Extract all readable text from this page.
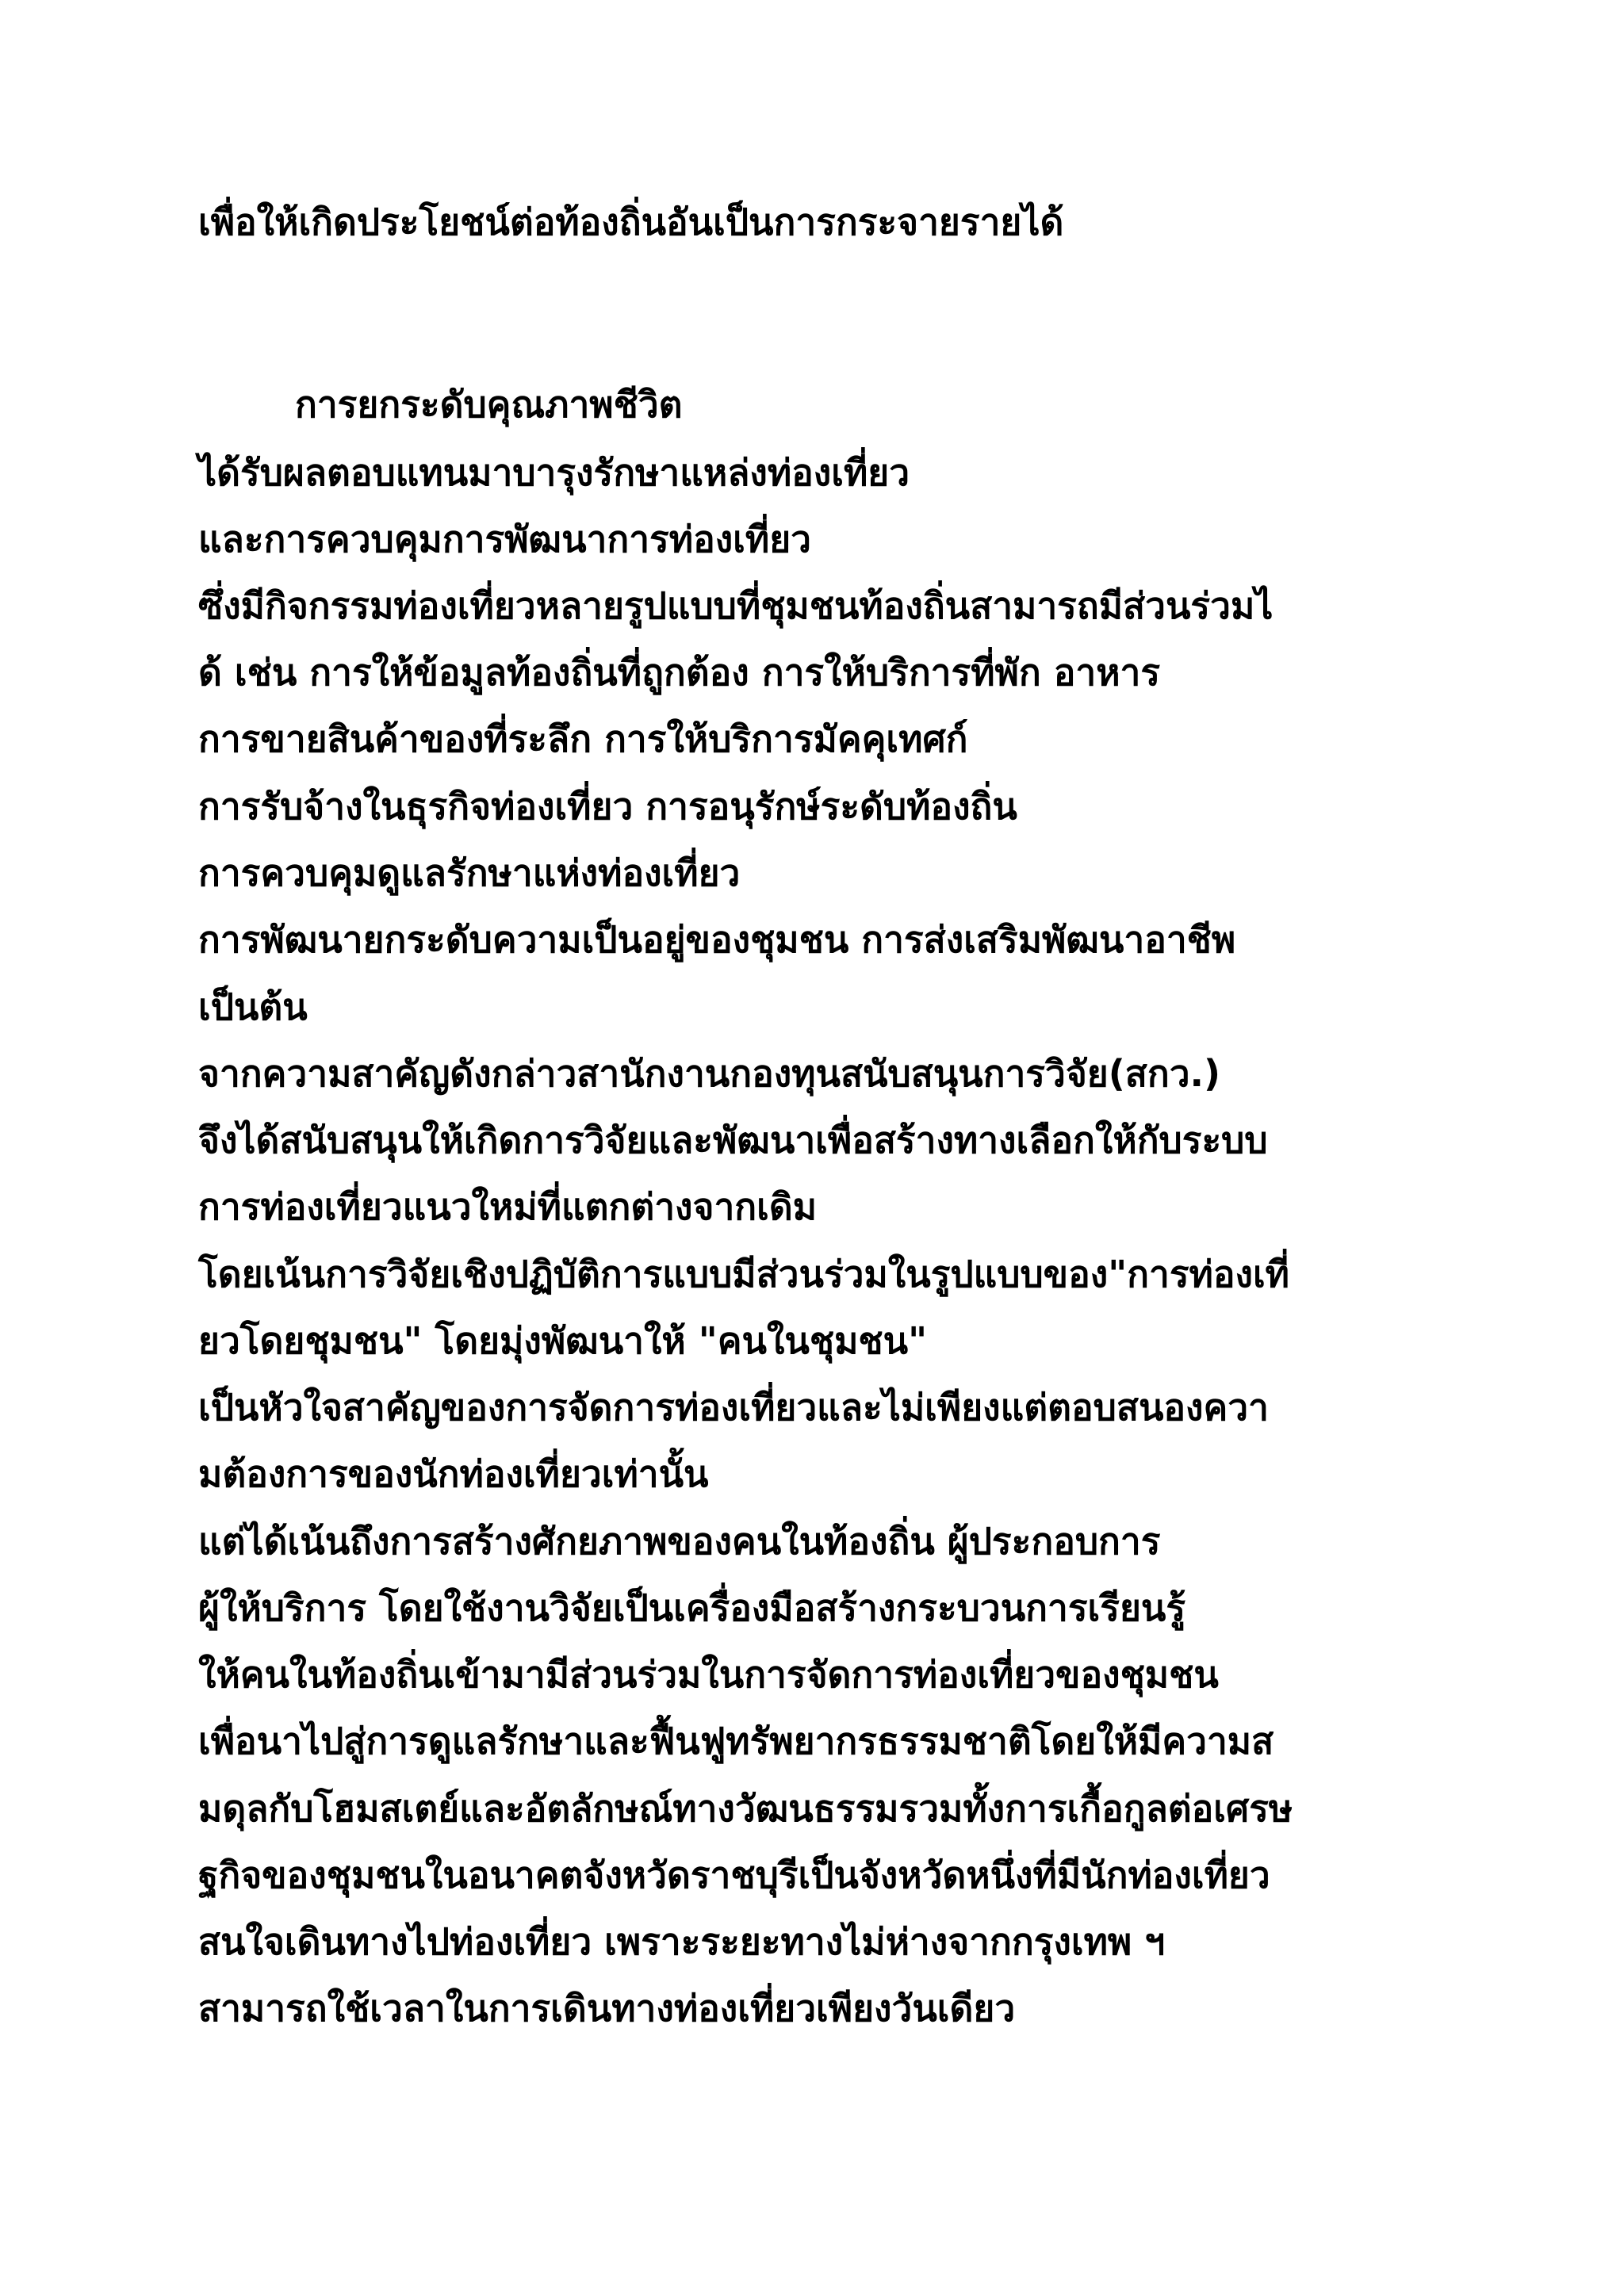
เพื่อให้เกิดประโยชน์ต่อท้องถิ่นอันเป็นการกระจายรายได้
การยกระดับคุณภาพชีวิต
ได้รับผลตอบแทนมาบารุงรักษาแหล่งท่องเที่ยว
และการควบคุมการพัฒนาการท่องเที่ยว
ซึ่งมีกิจกรรมท่องเที่ยวหลายรูปแบบที่ชุมชนท้องถิ่นสามารถมีส่วนร่วมไ
ด้ เช่น การให้ข้อมูลท้องถิ่นที่ถูกต้อง การให้บริการที่พัก อาหาร
การขายสินค้าของที่ระลึก การให้บริการมัคคุเทศก์
การรับจ้างในธุรกิจท่องเที่ยว การอนุรักษ์ระดับท้องถิ่น
การควบคุมดูแลรักษาแห่งท่องเที่ยว
การพัฒนายกระดับความเป็นอยู่ของชุมชน การส่งเสริมพัฒนาอาชีพ
เป็นต้น
จากความสาคัญดังกล่าวสานักงานกองทุนสนับสนุนการวิจัย(สกว.)
จึงได้สนับสนุนให้เกิดการวิจัยและพัฒนาเพื่อสร้างทางเลือกให้กับระบบ
การท่องเที่ยวแนวใหม่ที่แตกต่างจากเดิม
โดยเน้นการวิจัยเชิงปฏิบัติการแบบมีส่วนร่วมในรูปแบบของ"การท่องเที่
ยวโดยชุมชน" โดยมุ่งพัฒนาให้ "คนในชุมชน"
เป็นหัวใจสาคัญของการจัดการท่องเที่ยวและไม่เพียงแต่ตอบสนองควา
มต้องการของนักท่องเที่ยวเท่านั้น
แต่ได้เน้นถึงการสร้างศักยภาพของคนในท้องถิ่น ผู้ประกอบการ
ผู้ให้บริการ โดยใช้งานวิจัยเป็นเครื่องมือสร้างกระบวนการเรียนรู้
ให้คนในท้องถิ่นเข้ามามีส่วนร่วมในการจัดการท่องเที่ยวของชุมชน
เพื่อนาไปสู่การดูแลรักษาและฟื้นฟูทรัพยากรธรรมชาติโดยให้มีความส
มดุลกับโฮมสเตย์และอัตลักษณ์ทางวัฒนธรรมรวมทั้งการเกื้อกูลต่อเศรษ
ฐกิจของชุมชนในอนาคตจังหวัดราชบุรีเป็นจังหวัดหนึ่งที่มีนักท่องเที่ยว
สนใจเดินทางไปท่องเที่ยว เพราะระยะทางไม่ห่างจากกรุงเทพ ฯ
สามารถใช้เวลาในการเดินทางท่องเที่ยวเพียงวันเดียว
